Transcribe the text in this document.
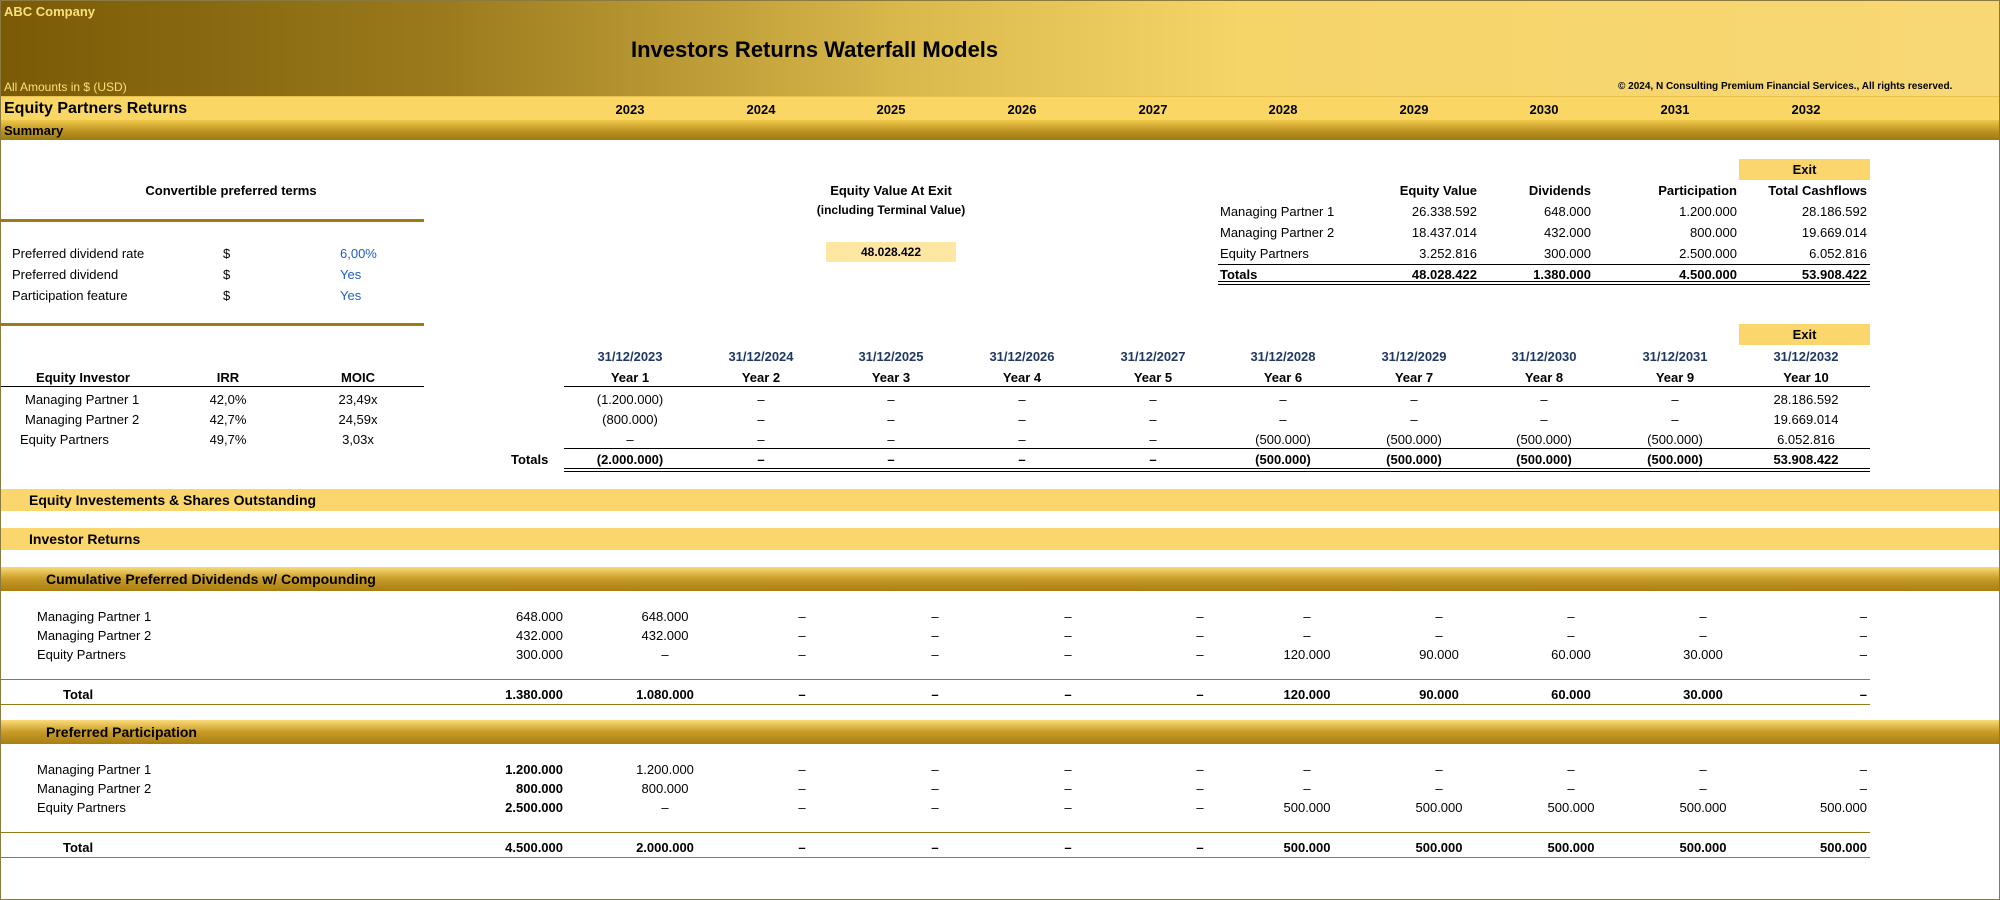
ABC Company
Investors Returns Waterfall Models
All Amounts in $ (USD)	© 2024, N Consulting Premium Financial Services., All rights reserved.
Equity Partners Returns	2023	2024	2025	2026	2027	2028	2029	2030	2031	2032
Summary
Convertible preferred terms
Preferred dividend rate	$	6,00%
Preferred dividend	$	Yes
Participation feature	$	Yes
Equity Value At Exit
(including Terminal Value)
48.028.422
Exit
Equity Value	Dividends	Participation	Total Cashflows
Managing Partner 1	26.338.592	648.000	1.200.000	28.186.592
Managing Partner 2	18.437.014	432.000	800.000	19.669.014
Equity Partners	3.252.816	300.000	2.500.000	6.052.816
Totals	48.028.422	1.380.000	4.500.000	53.908.422
Equity Investor	IRR	MOIC
Managing Partner 1	42,0%	23,49x
Managing Partner 2	42,7%	24,59x
Equity Partners	49,7%	3,03x
Exit
31/12/2023	31/12/2024	31/12/2025	31/12/2026	31/12/2027	31/12/2028	31/12/2029	31/12/2030	31/12/2031	31/12/2032
Year 1	Year 2	Year 3	Year 4	Year 5	Year 6	Year 7	Year 8	Year 9	Year 10
(1.200.000)	–	–	–	–	–	–	–	–	28.186.592
(800.000)	–	–	–	–	–	–	–	–	19.669.014
–	–	–	–	–	(500.000)	(500.000)	(500.000)	(500.000)	6.052.816
Totals	(2.000.000)	–	–	–	–	(500.000)	(500.000)	(500.000)	(500.000)	53.908.422
Equity Investements & Shares Outstanding
Investor Returns
Cumulative Preferred Dividends w/ Compounding
Managing Partner 1	648.000	648.000	–	–	–	–	–	–	–	–	–
Managing Partner 2	432.000	432.000	–	–	–	–	–	–	–	–	–
Equity Partners	300.000	–	–	–	–	–	120.000	90.000	60.000	30.000	–
Total	1.380.000	1.080.000	–	–	–	–	120.000	90.000	60.000	30.000	–
Preferred Participation
Managing Partner 1	1.200.000	1.200.000	–	–	–	–	–	–	–	–	–
Managing Partner 2	800.000	800.000	–	–	–	–	–	–	–	–	–
Equity Partners	2.500.000	–	–	–	–	–	500.000	500.000	500.000	500.000	500.000
Total	4.500.000	2.000.000	–	–	–	–	500.000	500.000	500.000	500.000	500.000
